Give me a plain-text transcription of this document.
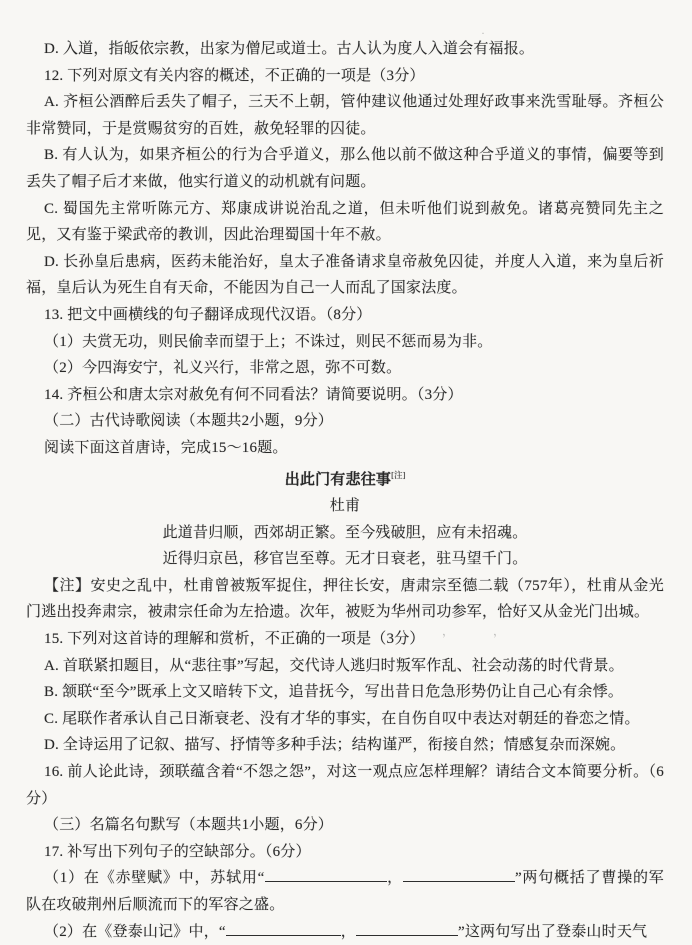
D. 入道，指皈依宗教，出家为僧尼或道士。古人认为度人入道会有福报。

12. 下列对原文有关内容的概述，不正确的一项是（3分）

A. 齐桓公酒醉后丢失了帽子，三天不上朝，管仲建议他通过处理好政事来洗雪耻辱。齐桓公非常赞同，于是赏赐贫穷的百姓，赦免轻罪的囚徒。

B. 有人认为，如果齐桓公的行为合乎道义，那么他以前不做这种合乎道义的事情，偏要等到丢失了帽子后才来做，他实行道义的动机就有问题。

C. 蜀国先主常听陈元方、郑康成讲说治乱之道，但未听他们说到赦免。诸葛亮赞同先主之见，又有鉴于梁武帝的教训，因此治理蜀国十年不赦。

D. 长孙皇后患病，医药未能治好，皇太子准备请求皇帝赦免囚徒，并度人入道，来为皇后祈福，皇后认为死生自有天命，不能因为自己一人而乱了国家法度。

13. 把文中画横线的句子翻译成现代汉语。（8分）

（1）夫赏无功，则民偷幸而望于上；不诛过，则民不惩而易为非。

（2）今四海安宁，礼义兴行，非常之恩，弥不可数。

14. 齐桓公和唐太宗对赦免有何不同看法？请简要说明。（3分）

（二）古代诗歌阅读（本题共2小题，9分）

阅读下面这首唐诗，完成15～16题。

出此门有悲往事[注]

杜甫

此道昔归顺，西郊胡正繁。至今残破胆，应有未招魂。

近得归京邑，移官岂至尊。无才日衰老，驻马望千门。

【注】安史之乱中，杜甫曾被叛军捉住，押往长安，唐肃宗至德二载（757年），杜甫从金光门逃出投奔肃宗，被肃宗任命为左拾遗。次年，被贬为华州司功参军，恰好又从金光门出城。

15. 下列对这首诗的理解和赏析，不正确的一项是（3分）

A. 首联紧扣题目，从“悲往事”写起，交代诗人逃归时叛军作乱、社会动荡的时代背景。

B. 颔联“至今”既承上文又暗转下文，追昔抚今，写出昔日危急形势仍让自己心有余悸。

C. 尾联作者承认自己日渐衰老、没有才华的事实，在自伤自叹中表达对朝廷的眷恋之情。

D. 全诗运用了记叙、描写、抒情等多种手法；结构谨严，衔接自然；情感复杂而深婉。

16. 前人论此诗，颈联蕴含着“不怨之怨”，对这一观点应怎样理解？请结合文本简要分析。（6分）

（三）名篇名句默写（本题共1小题，6分）

17. 补写出下列句子的空缺部分。（6分）

（1）在《赤壁赋》中，苏轼用“	，	”两句概括了曹操的军队在攻破荆州后顺流而下的军容之盛。

（2）在《登泰山记》中，“	，	”这两句写出了登泰山时天气

·
，	，
